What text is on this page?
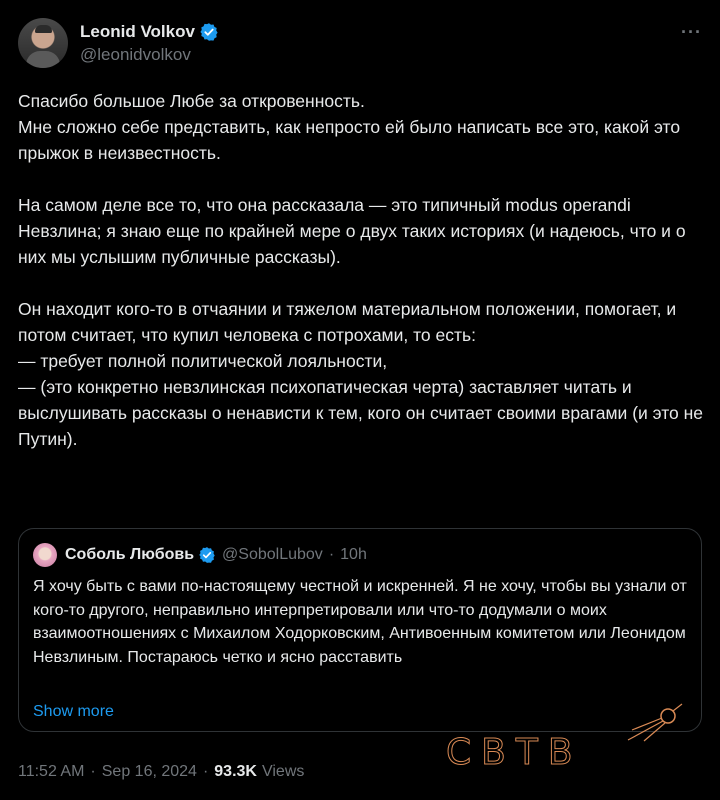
Leonid Volkov
@leonidvolkov
···

Спасибо большое Любе за откровенность.
Мне сложно себе представить, как непросто ей было написать все это, какой это прыжок в неизвестность.

На самом деле все то, что она рассказала — это типичный modus operandi Невзлина; я знаю еще по крайней мере о двух таких историях (и надеюсь, что и о них мы услышим публичные рассказы).

Он находит кого-то в отчаянии и тяжелом материальном положении, помогает, и потом считает, что купил человека с потрохами, то есть:
— требует полной политической лояльности,
— (это конкретно невзлинская психопатическая черта) заставляет читать и выслушивать рассказы о ненависти к тем, кого он считает своими врагами (и это не Путин).

Соболь Любовь @SobolLubov · 10h
Я хочу быть с вами по-настоящему честной и искренней. Я не хочу, чтобы вы узнали от кого-то другого, неправильно интерпретировали или что-то додумали о моих взаимоотношениях с Михаилом Ходорковским, Антивоенным комитетом или Леонидом Невзлиным. Постараюсь четко и ясно расставить
Show more
11:52 AM · Sep 16, 2024 · 93.3K Views	СВТВ
